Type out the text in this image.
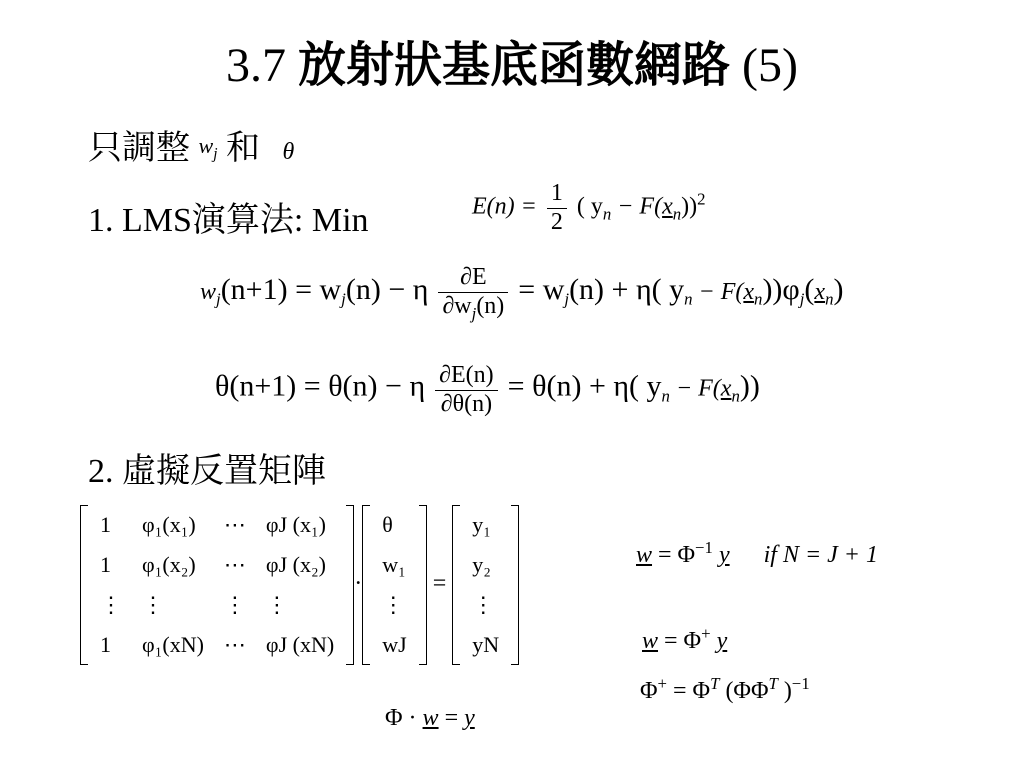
3.7 放射狀基底函數網路 (5)
只調整 $w_j$ 和 θ
1. LMS演算法: Min	$E(n) = \frac{1}{2}$ ( $y_n - F(x_n))^2$
$w_j(n+1) = w_j(n) - \eta \frac{\partial E}{\partial w_j(n)} = w_j(n) + \eta$( $y_n - F(x_n))\varphi_j(x_n)$
θ(n+1) = θ(n) − η $\frac{\partial E(n)}{\partial\theta(n)} = \theta(n) + \eta$( $y_n - F(x_n)$)
2. 虛擬反置矩陣
1	φ₁(x₁)	⋯	φJ (x₁)
1	φ₁(x₂)	⋯	φJ (x₂)
⋮	⋮	⋮	⋮
1	φ₁(xN)	⋯	φJ (xN)
·
θ
w₁
⋮
wJ
=
y₁
y₂
⋮
yN
$w = \Phi^{-1}$ y if N = J + 1
w = Φ+ y
$\Phi^+ = \Phi^T$ ($\Phi\Phi^T$ )$^{-1}$
Φ · w = y
